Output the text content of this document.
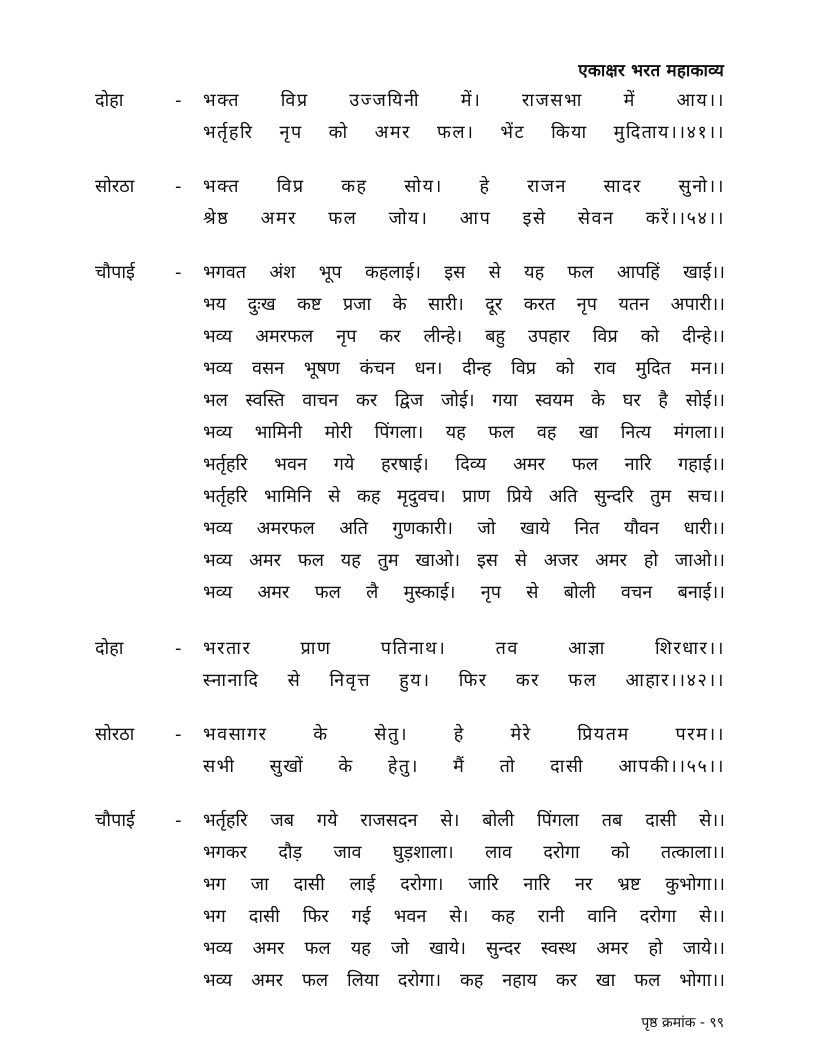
एकाक्षर भरत महाकाव्य
दोहा	-	भक्त विप्र उज्जयिनी में। राजसभा में आय।।
भर्तृहरि नृप को अमर फल। भेंट किया मुदिताय।।४१।।
सोरठा	-	भक्त विप्र कह सोय। हे राजन सादर सुनो।।
श्रेष्ठ अमर फल जोय। आप इसे सेवन करें।।५४।।
चौपाई	-	भगवत अंश भूप कहलाई। इस से यह फल आपहिं खाई।।
भय दुःख कष्ट प्रजा के सारी। दूर करत नृप यतन अपारी।।
भव्य अमरफल नृप कर लीन्हे। बहु उपहार विप्र को दीन्हे।।
भव्य वसन भूषण कंचन धन। दीन्ह विप्र को राव मुदित मन।।
भल स्वस्ति वाचन कर द्विज जोई। गया स्वयम के घर है सोई।।
भव्य भामिनी मोरी पिंगला। यह फल वह खा नित्य मंगला।।
भर्तृहरि भवन गये हरषाई। दिव्य अमर फल नारि गहाई।।
भर्तृहरि भामिनि से कह मृदुवच। प्राण प्रिये अति सुन्दरि तुम सच।।
भव्य अमरफल अति गुणकारी। जो खाये नित यौवन धारी।।
भव्य अमर फल यह तुम खाओ। इस से अजर अमर हो जाओ।।
भव्य अमर फल लै मुस्काई। नृप से बोली वचन बनाई।।
दोहा	-	भरतार प्राण पतिनाथ। तव आज्ञा शिरधार।।
स्नानादि से निवृत्त हुय। फिर कर फल आहार।।४२।।
सोरठा	-	भवसागर के सेतु। हे मेरे प्रियतम परम।।
सभी सुखों के हेतु। मैं तो दासी आपकी।।५५।।
चौपाई	-	भर्तृहरि जब गये राजसदन से। बोली पिंगला तब दासी से।।
भगकर दौड़ जाव घुड़शाला। लाव दरोगा को तत्काला।।
भग जा दासी लाई दरोगा। जारि नारि नर भ्रष्ट कुभोगा।।
भग दासी फिर गई भवन से। कह रानी वानि दरोगा से।।
भव्य अमर फल यह जो खाये। सुन्दर स्वस्थ अमर हो जाये।।
भव्य अमर फल लिया दरोगा। कह नहाय कर खा फल भोगा।।
पृष्ठ क्रमांक - ९९
